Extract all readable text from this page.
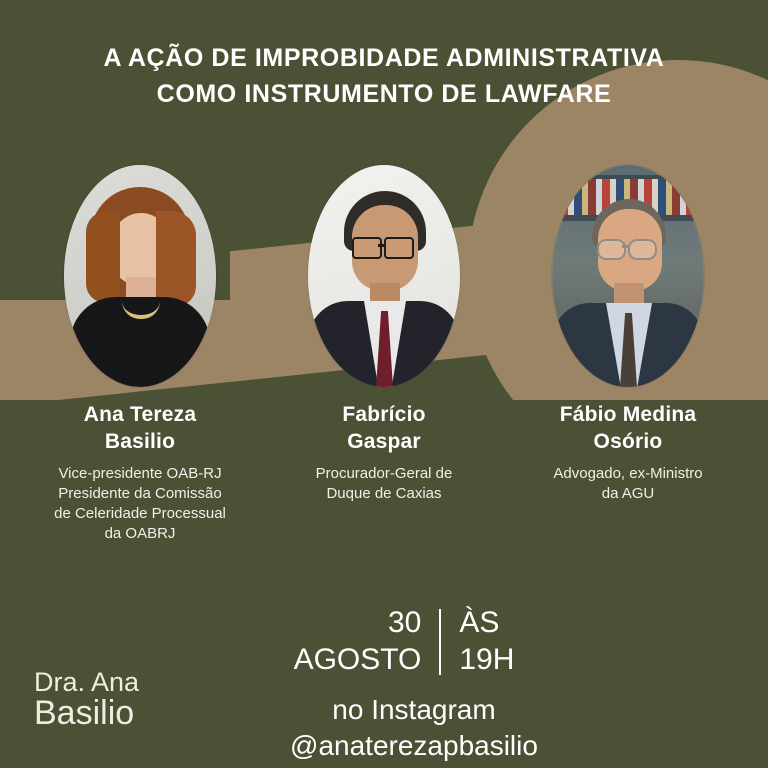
A AÇÃO DE IMPROBIDADE ADMINISTRATIVA
COMO INSTRUMENTO DE LAWFARE
Ana Tereza
Basilio
Vice-presidente OAB-RJ
Presidente da Comissão
de Celeridade Processual
da OABRJ
Fabrício
Gaspar
Procurador-Geral de
Duque de Caxias
Fábio Medina
Osório
Advogado, ex-Ministro
da AGU
30
AGOSTO
ÀS
19H
no Instagram
@anaterezapbasilio
Dra. Ana
Basilio
